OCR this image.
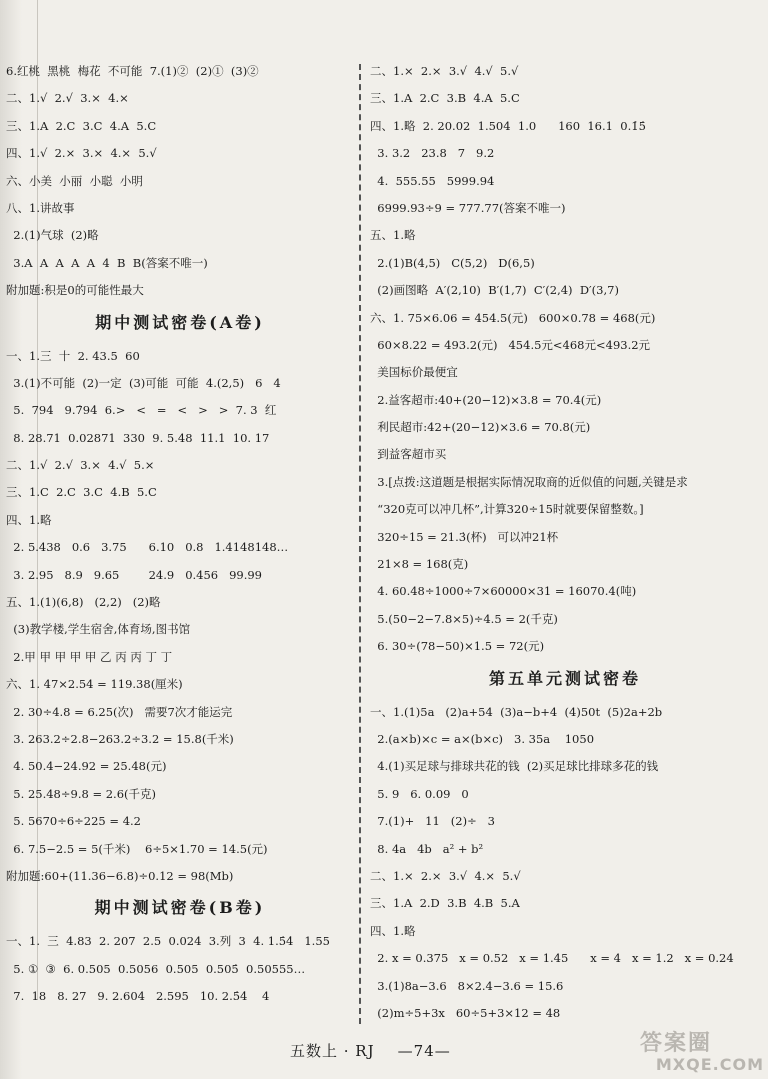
6.红桃  黑桃  梅花  不可能  7.(1)②  (2)①  (3)②
二、1.√  2.√  3.×  4.×
三、1.A  2.C  3.C  4.A  5.C
四、1.√  2.×  3.×  4.×  5.√
六、小美  小丽  小聪  小明
八、1.讲故事
2.(1)气球  (2)略
3.A  A  A  A  A  4  B  B(答案不唯一)
附加题:积是0的可能性最大
期中测试密卷(A卷)
一、1.三  十  2. 43.5  60
3.(1)不可能  (2)一定  (3)可能  可能  4.(2,5)   6   4
5.  794   9.7̇94̇  6.>   <   =   <   >   >  7. 3  红
8. 28.71  0.02871  330  9. 5.48  11.1  10. 17
二、1.√  2.√  3.×  4.√  5.×
三、1.C  2.C  3.C  4.B  5.C
四、1.略
2. 5.438   0.6   3.75      6.10   0.8   1.4148148…
3. 2.95   8.9   9.65        24.9   0.456   99.99
五、1.(1)(6,8)   (2,2)   (2)略
(3)教学楼,学生宿舍,体育场,图书馆
2.甲 甲 甲 甲 甲 乙 丙 丙 丁 丁
六、1. 47×2.54 = 119.38(厘米)
2. 30÷4.8 = 6.25(次)   需要7次才能运完
3. 263.2÷2.8−263.2÷3.2 = 15.8(千米)
4. 50.4−24.92 = 25.48(元)
5. 25.48÷9.8 = 2.6(千克)
5. 5670÷6÷225 = 4.2
6. 7.5−2.5 = 5(千米)    6÷5×1.70 = 14.5(元)
附加题:60+(11.36−6.8)÷0.12 = 98(Mb)
期中测试密卷(B卷)
一、1.  三  4.83  2. 207  2.5  0.024  3.列  3  4. 1.5̇4̇   1.55
5. ①  ③  6. 0.505  0.5056  0.505  0.505̇  0.50555…
7.  18   8. 27   9. 2.604   2.595   10. 2.5̇4̇    4
二、1.×  2.×  3.√  4.√  5.√
三、1.A  2.C  3.B  4.A  5.C
四、1.略  2. 20.02  1.504  1.0      160  16.1  0.1̇5̇
3. 3.2   23.8   7   9.2
4.  555.55   5999.94
6999.93÷9 = 777.77(答案不唯一)
五、1.略
2.(1)B(4,5)   C(5,2)   D(6,5)
(2)画图略  A′(2,10)  B′(1,7)  C′(2,4)  D′(3,7)
六、1. 75×6.06 = 454.5(元)   600×0.78 = 468(元)
60×8.22 = 493.2(元)   454.5元<468元<493.2元
美国标价最便宜
2.益客超市:40+(20−12)×3.8 = 70.4(元)
利民超市:42+(20−12)×3.6 = 70.8(元)
到益客超市买
3.[点拨:这道题是根据实际情况取商的近似值的问题,关键是求
“320克可以冲几杯”,计算320÷15时就要保留整数。]
320÷15 = 21.3̇(杯)   可以冲21杯
21×8 = 168(克)
4. 60.48÷1000÷7×60000×31 = 16070.4(吨)
5.(50−2−7.8×5)÷4.5 = 2(千克)
6. 30÷(78−50)×1.5 = 72(元)
第五单元测试密卷
一、1.(1)5a   (2)a+54  (3)a−b+4  (4)50t  (5)2a+2b
2.(a×b)×c = a×(b×c)   3. 35a    1050
4.(1)买足球与排球共花的钱  (2)买足球比排球多花的钱
5. 9   6. 0.09   0
7.(1)+   11   (2)÷   3
8. 4a   4b   a² + b²
二、1.×  2.×  3.√  4.×  5.√
三、1.A  2.D  3.B  4.B  5.A
四、1.略
2. x = 0.375   x = 0.52   x = 1.45      x = 4   x = 1.2   x = 0.24
3.(1)8a−3.6   8×2.4−3.6 = 15.6
(2)m÷5+3x   60÷5+3×12 = 48
五数上 · RJ    —74—	答案圈
MXQE.COM
